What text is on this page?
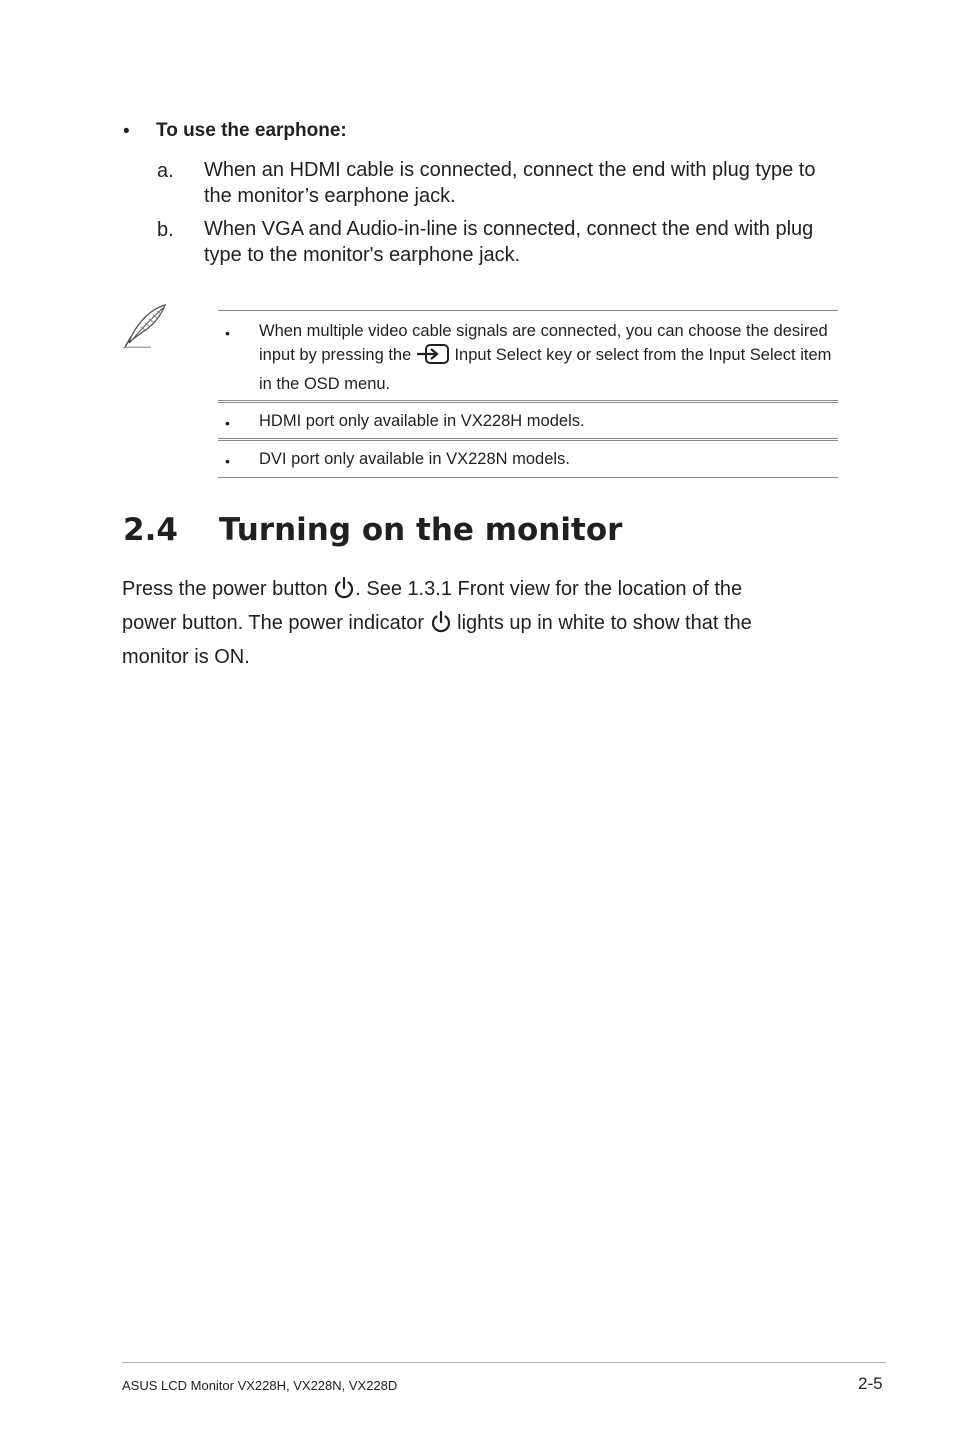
• To use the earphone:
a. When an HDMI cable is connected, connect the end with plug type to the monitor’s earphone jack.
b. When VGA and Audio-in-line is connected, connect the end with plug type to the monitor's earphone jack.
• When multiple video cable signals are connected, you can choose the desired input by pressing the	Input Select key or select from the Input Select item in the OSD menu.
• HDMI port only available in VX228H models.
• DVI port only available in VX228N models.
2.4 Turning on the monitor
Press the power button . See 1.3.1 Front view for the location of the
power button. The power indicator lights up in white to show that the
monitor is ON.
ASUS LCD Monitor VX228H, VX228N, VX228D	2-5
